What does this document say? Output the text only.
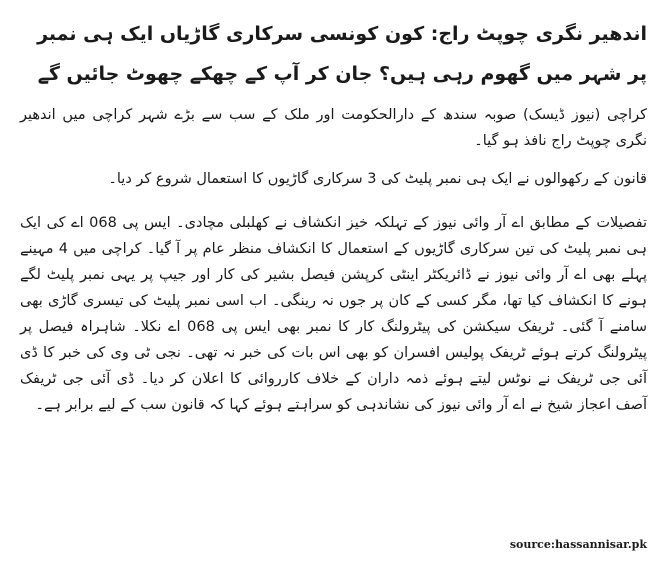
اندھیر نگری چوپٹ راج: کون کونسی سرکاری گاڑیاں ایک ہی نمبر پر شہر میں گھوم رہی ہیں؟ جان کر آپ کے چھکے چھوٹ جائیں گے

کراچی (نیوز ڈیسک) صوبہ سندھ کے دارالحکومت اور ملک کے سب سے بڑے شہر کراچی میں اندھیر نگری چوپٹ راج نافذ ہو گیا۔

قانون کے رکھوالوں نے ایک ہی نمبر پلیٹ کی 3 سرکاری گاڑیوں کا استعمال شروع کر دیا۔

تفصیلات کے مطابق اے آر وائی نیوز کے تہلکہ خیز انکشاف نے کھلبلی مچادی۔ ایس پی 068 اے کی ایک ہی نمبر پلیٹ کی تین سرکاری گاڑیوں کے استعمال کا انکشاف منظر عام پر آ گیا۔ کراچی میں 4 مہینے پہلے بھی اے آر وائی نیوز نے ڈائریکٹر اینٹی کرپشن فیصل بشیر کی کار اور جیپ پر یہی نمبر پلیٹ لگے ہونے کا انکشاف کیا تھا، مگر کسی کے کان پر جوں نہ رینگی۔ اب اسی نمبر پلیٹ کی تیسری گاڑی بھی سامنے آ گئی۔ ٹریفک سیکشن کی پیٹرولنگ کار کا نمبر بھی ایس پی 068 اے نکلا۔ شاہراہ فیصل پر پیٹرولنگ کرتے ہوئے ٹریفک پولیس افسران کو بھی اس بات کی خبر نہ تھی۔ نجی ٹی وی کی خبر کا ڈی آئی جی ٹریفک نے نوٹس لیتے ہوئے ذمہ داران کے خلاف کارروائی کا اعلان کر دیا۔ ڈی آئی جی ٹریفک آصف اعجاز شیخ نے اے آر وائی نیوز کی نشاندہی کو سراہتے ہوئے کہا کہ قانون سب کے لیے برابر ہے۔

source:hassannisar.pk
